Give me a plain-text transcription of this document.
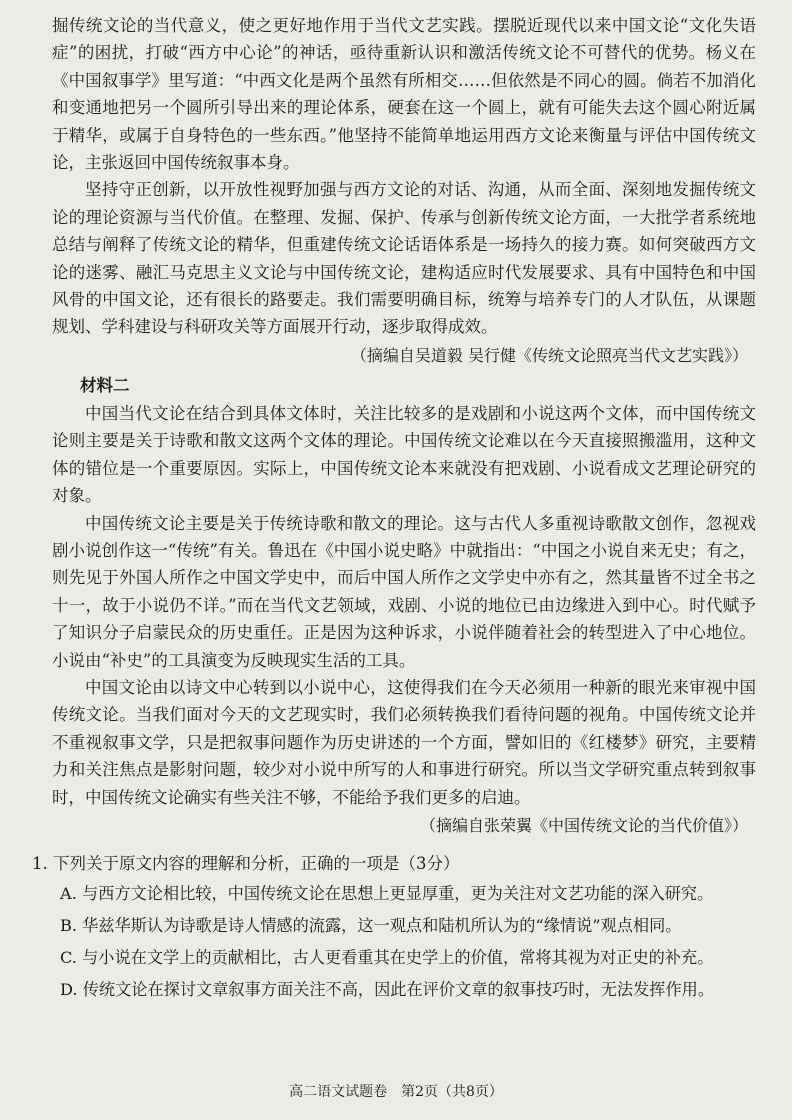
掘传统文论的当代意义，使之更好地作用于当代文艺实践。摆脱近现代以来中国文论“文化失语症”的困扰，打破“西方中心论”的神话，亟待重新认识和激活传统文论不可替代的优势。杨义在《中国叙事学》里写道：“中西文化是两个虽然有所相交……但依然是不同心的圆。倘若不加消化和变通地把另一个圆所引导出来的理论体系，硬套在这一个圆上，就有可能失去这个圆心附近属于精华，或属于自身特色的一些东西。”他坚持不能简单地运用西方文论来衡量与评估中国传统文论，主张返回中国传统叙事本身。

坚持守正创新，以开放性视野加强与西方文论的对话、沟通，从而全面、深刻地发掘传统文论的理论资源与当代价值。在整理、发掘、保护、传承与创新传统文论方面，一大批学者系统地总结与阐释了传统文论的精华，但重建传统文论话语体系是一场持久的接力赛。如何突破西方文论的迷雾、融汇马克思主义文论与中国传统文论，建构适应时代发展要求、具有中国特色和中国风骨的中国文论，还有很长的路要走。我们需要明确目标，统筹与培养专门的人才队伍，从课题规划、学科建设与科研攻关等方面展开行动，逐步取得成效。

（摘编自吴道毅 吴行健《传统文论照亮当代文艺实践》）

材料二

中国当代文论在结合到具体文体时，关注比较多的是戏剧和小说这两个文体，而中国传统文论则主要是关于诗歌和散文这两个文体的理论。中国传统文论难以在今天直接照搬滥用，这种文体的错位是一个重要原因。实际上，中国传统文论本来就没有把戏剧、小说看成文艺理论研究的对象。

中国传统文论主要是关于传统诗歌和散文的理论。这与古代人多重视诗歌散文创作，忽视戏剧小说创作这一“传统”有关。鲁迅在《中国小说史略》中就指出：“中国之小说自来无史；有之，则先见于外国人所作之中国文学史中，而后中国人所作之文学史中亦有之，然其量皆不过全书之十一，故于小说仍不详。”而在当代文艺领域，戏剧、小说的地位已由边缘进入到中心。时代赋予了知识分子启蒙民众的历史重任。正是因为这种诉求，小说伴随着社会的转型进入了中心地位。小说由“补史”的工具演变为反映现实生活的工具。

中国文论由以诗文中心转到以小说中心，这使得我们在今天必须用一种新的眼光来审视中国传统文论。当我们面对今天的文艺现实时，我们必须转换我们看待问题的视角。中国传统文论并不重视叙事文学，只是把叙事问题作为历史讲述的一个方面，譬如旧的《红楼梦》研究，主要精力和关注焦点是影射问题，较少对小说中所写的人和事进行研究。所以当文学研究重点转到叙事时，中国传统文论确实有些关注不够，不能给予我们更多的启迪。

（摘编自张荣翼《中国传统文论的当代价值》）

1. 下列关于原文内容的理解和分析，正确的一项是（3分）

A. 与西方文论相比较，中国传统文论在思想上更显厚重，更为关注对文艺功能的深入研究。
B. 华兹华斯认为诗歌是诗人情感的流露，这一观点和陆机所认为的“缘情说”观点相同。
C. 与小说在文学上的贡献相比，古人更看重其在史学上的价值，常将其视为对正史的补充。
D. 传统文论在探讨文章叙事方面关注不高，因此在评价文章的叙事技巧时，无法发挥作用。
高二语文试题卷　第2页（共8页）
